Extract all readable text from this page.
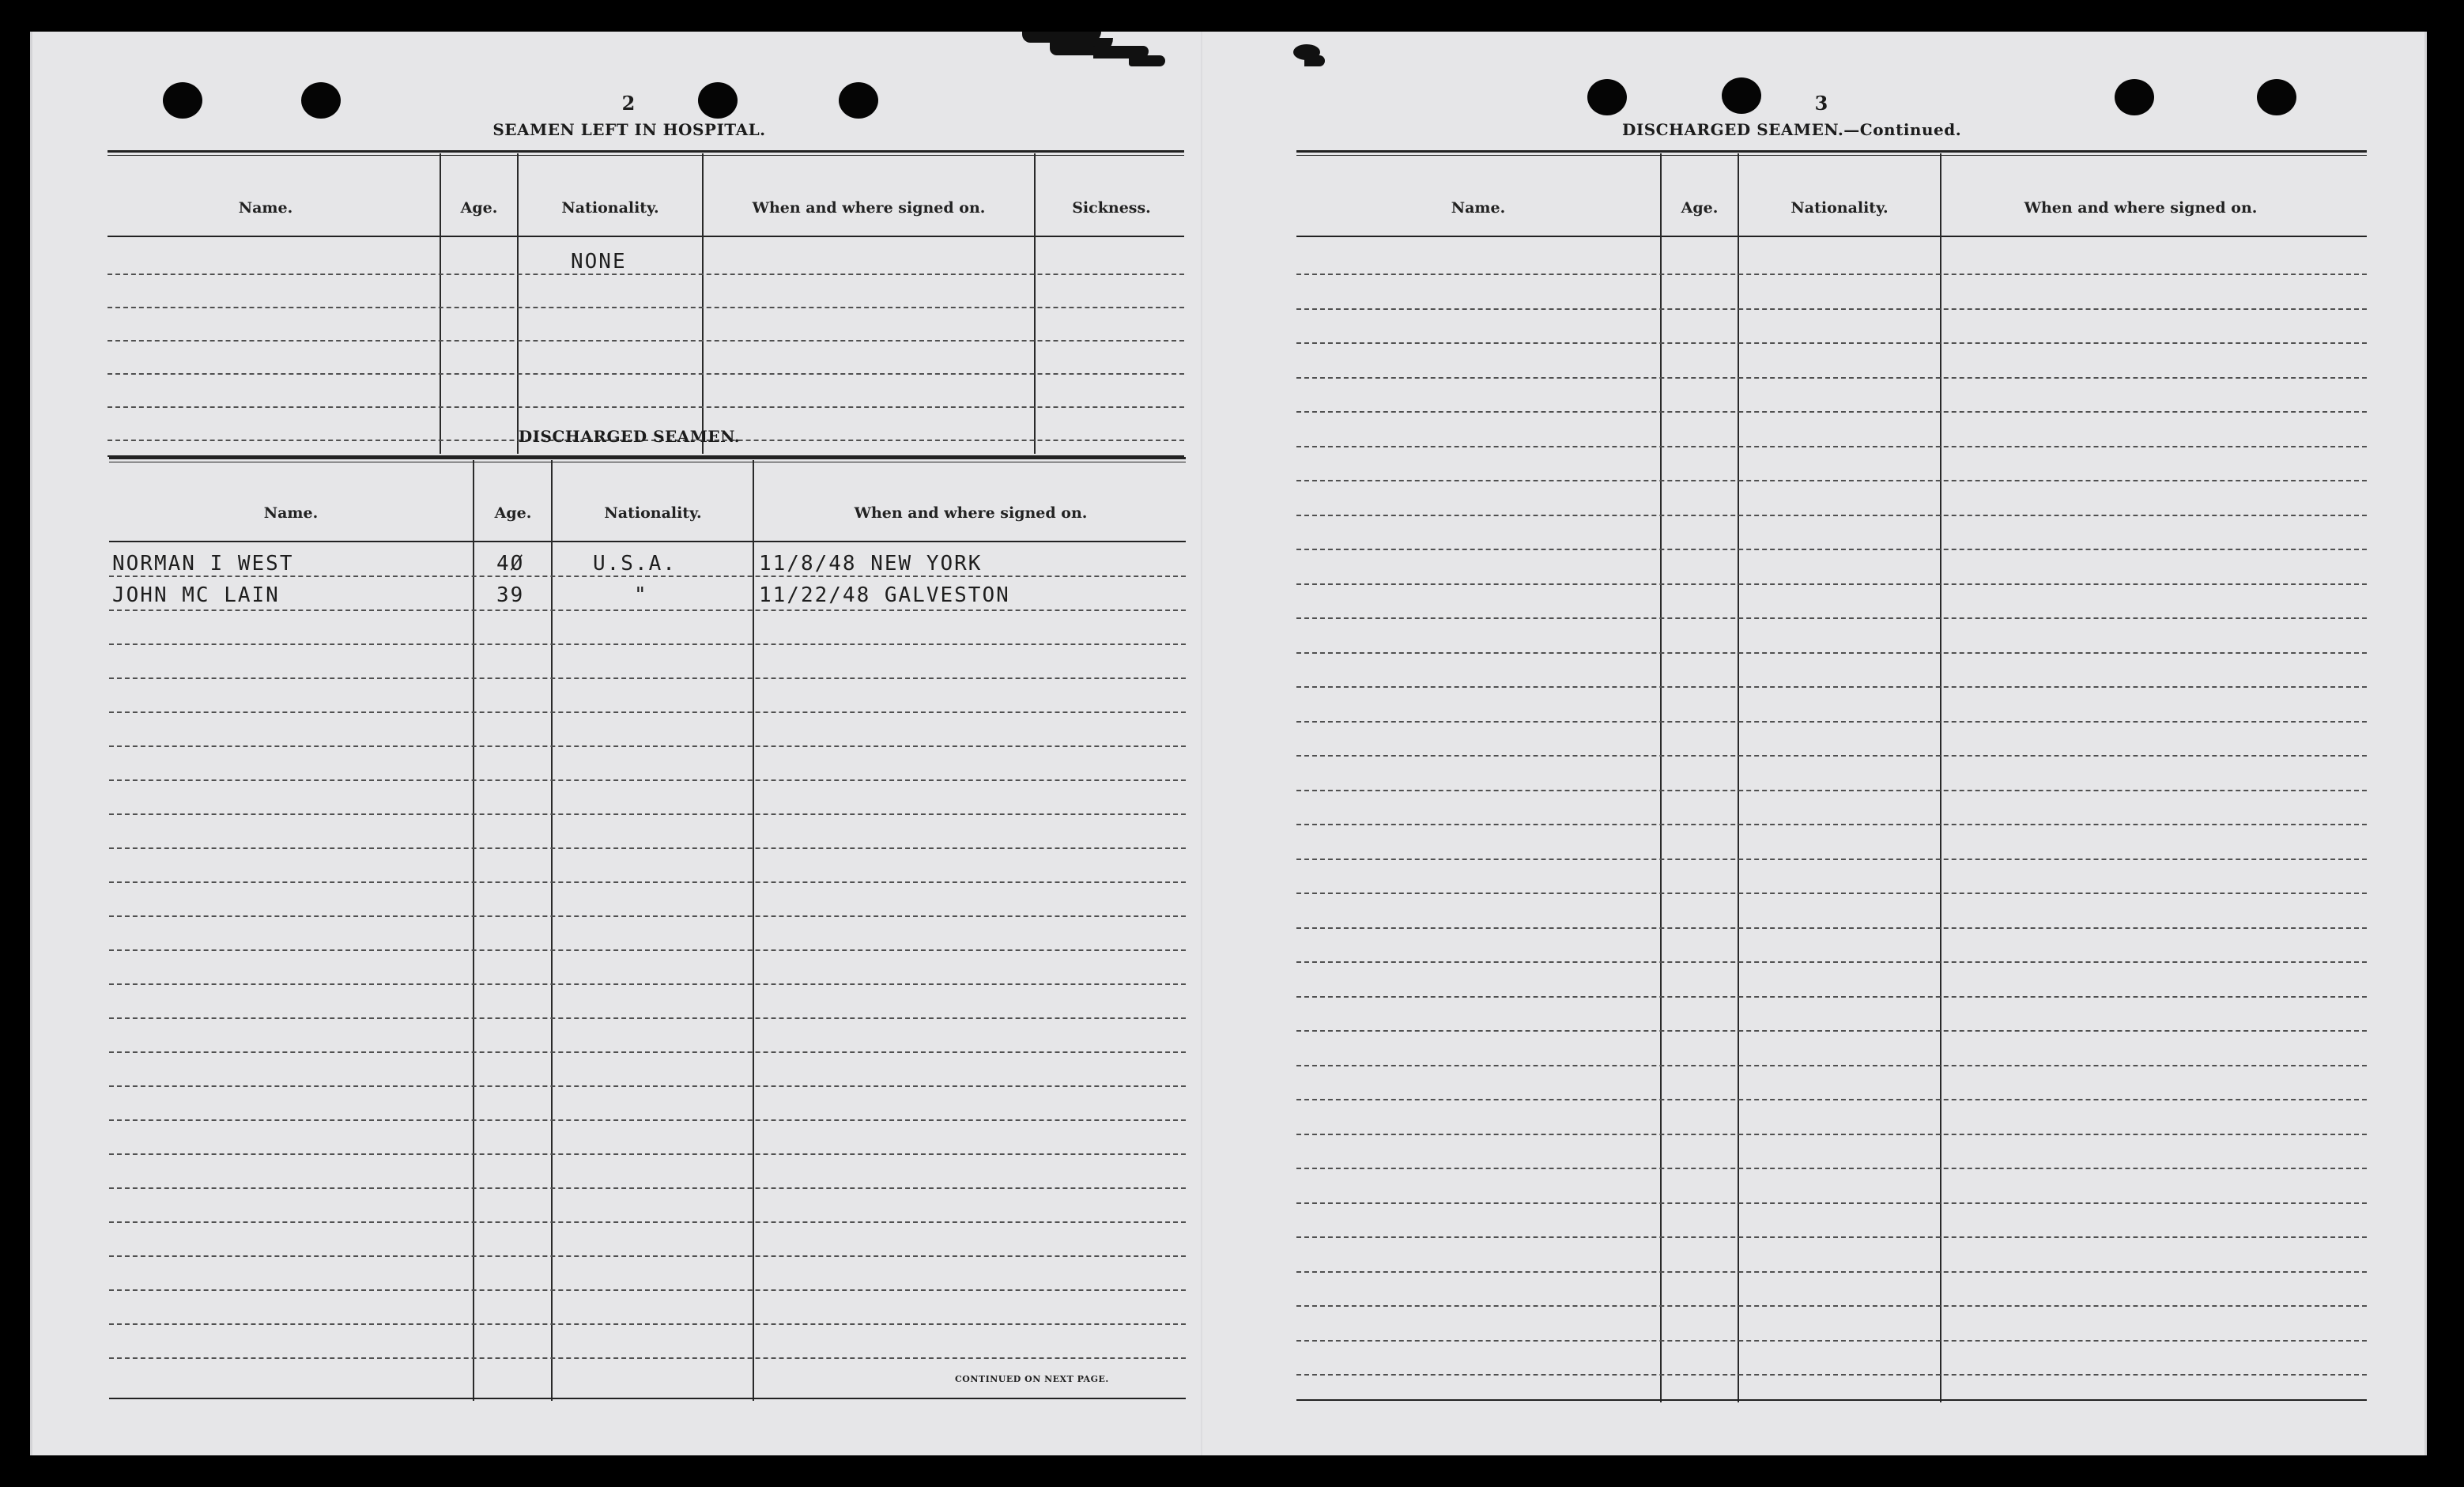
2
SEAMEN LEFT IN HOSPITAL.
Name.	Age.	Nationality.	When and where signed on.	Sickness.
NONE
DISCHARGED SEAMEN.
Name.	Age.	Nationality.	When and where signed on.
NORMAN I WEST	4Ø	U.S.A.	11/8/48 NEW YORK
JOHN MC LAIN	39	"	11/22/48 GALVESTON
CONTINUED ON NEXT PAGE.
3
DISCHARGED SEAMEN.—Continued.
Name.	Age.	Nationality.	When and where signed on.
